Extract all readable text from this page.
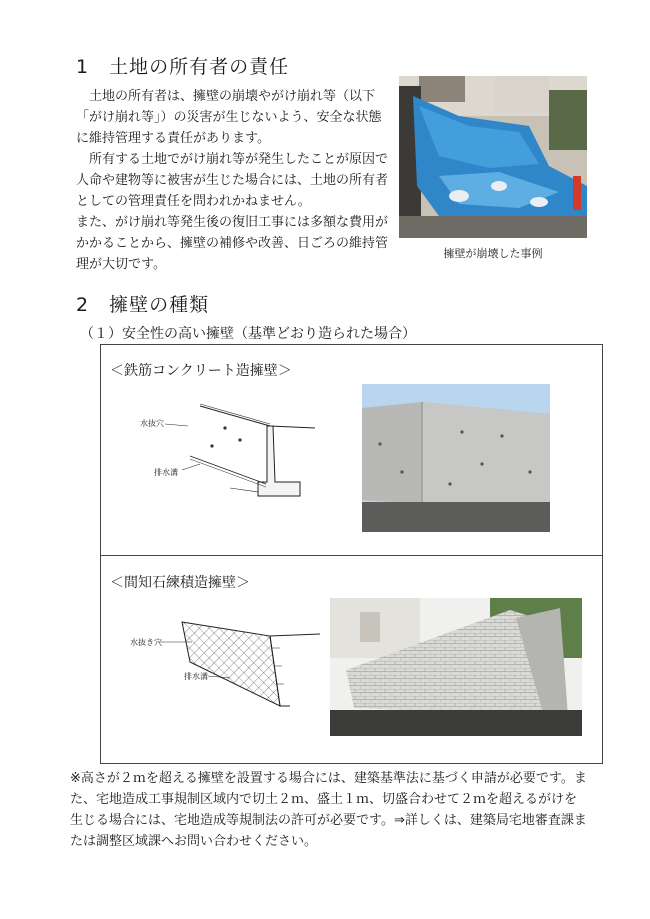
1　土地の所有者の責任

土地の所有者は、擁壁の崩壊やがけ崩れ等（以下「がけ崩れ等」）の災害が生じないよう、安全な状態に維持管理する責任があります。

所有する土地でがけ崩れ等が発生したことが原因で人命や建物等に被害が生じた場合には、土地の所有者としての管理責任を問われかねません。

また、がけ崩れ等発生後の復旧工事には多額な費用がかかることから、擁壁の補修や改善、日ごろの維持管理が大切です。

擁壁が崩壊した事例
2　擁壁の種類
（１）安全性の高い擁壁（基準どおり造られた場合）
＜鉄筋コンクリート造擁壁＞
水抜穴
排水溝
＜間知石練積造擁壁＞
水抜き穴
排水溝
※高さが２ｍを超える擁壁を設置する場合には、建築基準法に基づく申請が必要です。また、宅地造成工事規制区域内で切土２ｍ、盛土１ｍ、切盛合わせて２ｍを超えるがけを生じる場合には、宅地造成等規制法の許可が必要です。⇒詳しくは、建築局宅地審査課または調整区域課へお問い合わせください。
